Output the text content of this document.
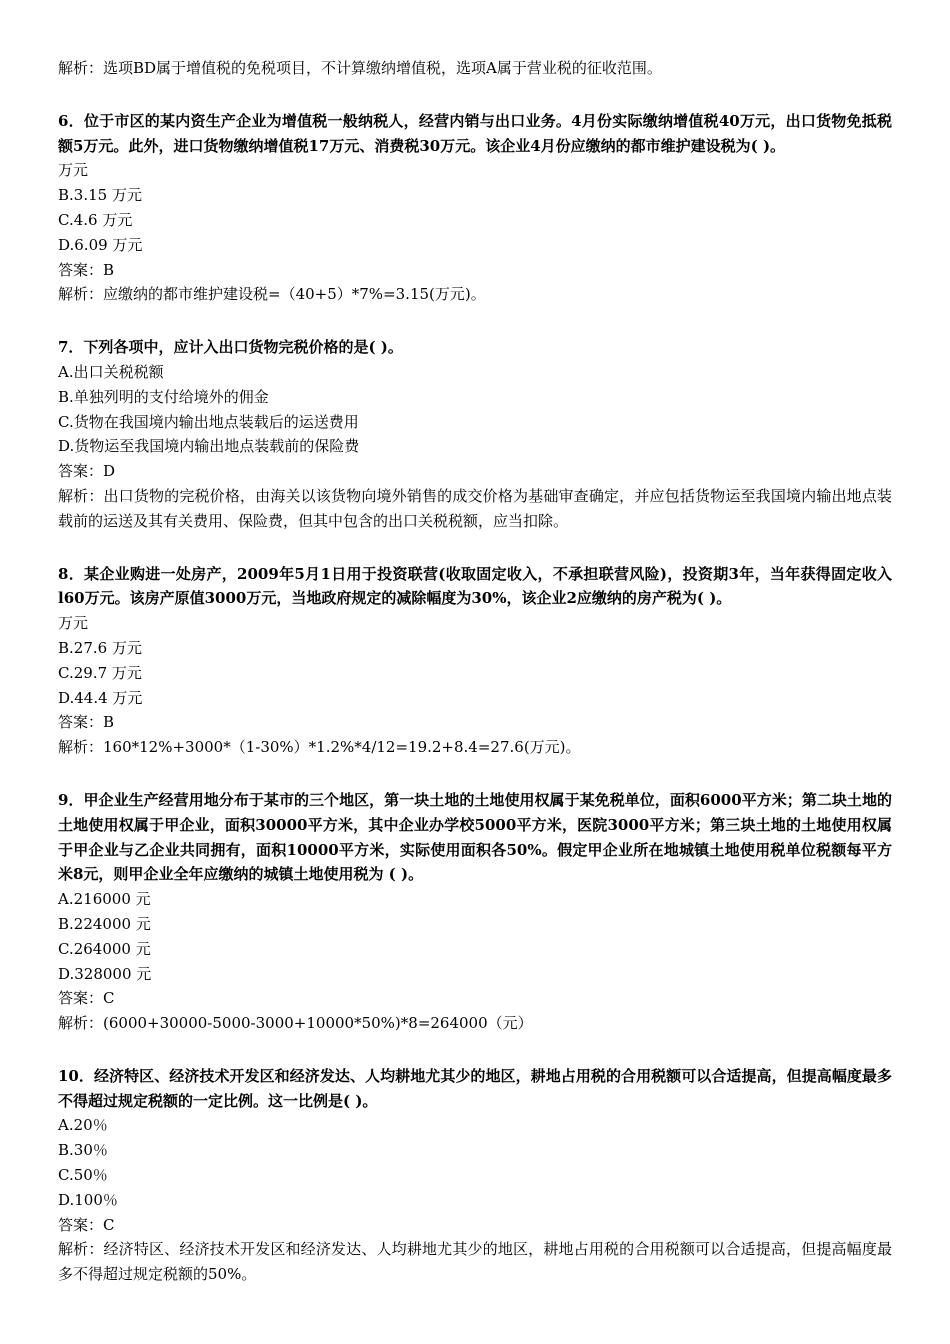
解析：选项BD属于增值税的免税项目，不计算缴纳增值税，选项A属于营业税的征收范围。
6．位于市区的某内资生产企业为增值税一般纳税人，经营内销与出口业务。4月份实际缴纳增值税40万元，出口货物免抵税额5万元。此外，进口货物缴纳增值税17万元、消费税30万元。该企业4月份应缴纳的都市维护建设税为( )。
万元
B.3.15 万元
C.4.6 万元
D.6.09 万元
答案：B
解析：应缴纳的都市维护建设税=（40+5）*7%=3.15(万元)。
7．下列各项中，应计入出口货物完税价格的是( )。
A.出口关税税额
B.单独列明的支付给境外的佣金
C.货物在我国境内输出地点装载后的运送费用
D.货物运至我国境内输出地点装载前的保险费
答案：D
解析：出口货物的完税价格，由海关以该货物向境外销售的成交价格为基础审查确定，并应包括货物运至我国境内输出地点装载前的运送及其有关费用、保险费，但其中包含的出口关税税额，应当扣除。
8．某企业购进一处房产，2009年5月1日用于投资联营(收取固定收入，不承担联营风险)，投资期3年，当年获得固定收入l60万元。该房产原值3000万元，当地政府规定的减除幅度为30%，该企业2应缴纳的房产税为( )。
万元
B.27.6 万元
C.29.7 万元
D.44.4 万元
答案：B
解析：160*12%+3000*（1-30%）*1.2%*4/12=19.2+8.4=27.6(万元)。
9．甲企业生产经营用地分布于某市的三个地区，第一块土地的土地使用权属于某免税单位，面积6000平方米；第二块土地的土地使用权属于甲企业，面积30000平方米，其中企业办学校5000平方米，医院3000平方米；第三块土地的土地使用权属于甲企业与乙企业共同拥有，面积10000平方米，实际使用面积各50%。假定甲企业所在地城镇土地使用税单位税额每平方米8元，则甲企业全年应缴纳的城镇土地使用税为 ( )。
A.216000 元
B.224000 元
C.264000 元
D.328000 元
答案：C
解析：(6000+30000-5000-3000+10000*50%)*8=264000（元）
10．经济特区、经济技术开发区和经济发达、人均耕地尤其少的地区，耕地占用税的合用税额可以合适提高，但提高幅度最多不得超过规定税额的一定比例。这一比例是( )。
A.20％
B.30％
C.50％
D.100％
答案：C
解析：经济特区、经济技术开发区和经济发达、人均耕地尤其少的地区，耕地占用税的合用税额可以合适提高，但提高幅度最多不得超过规定税额的50%。
